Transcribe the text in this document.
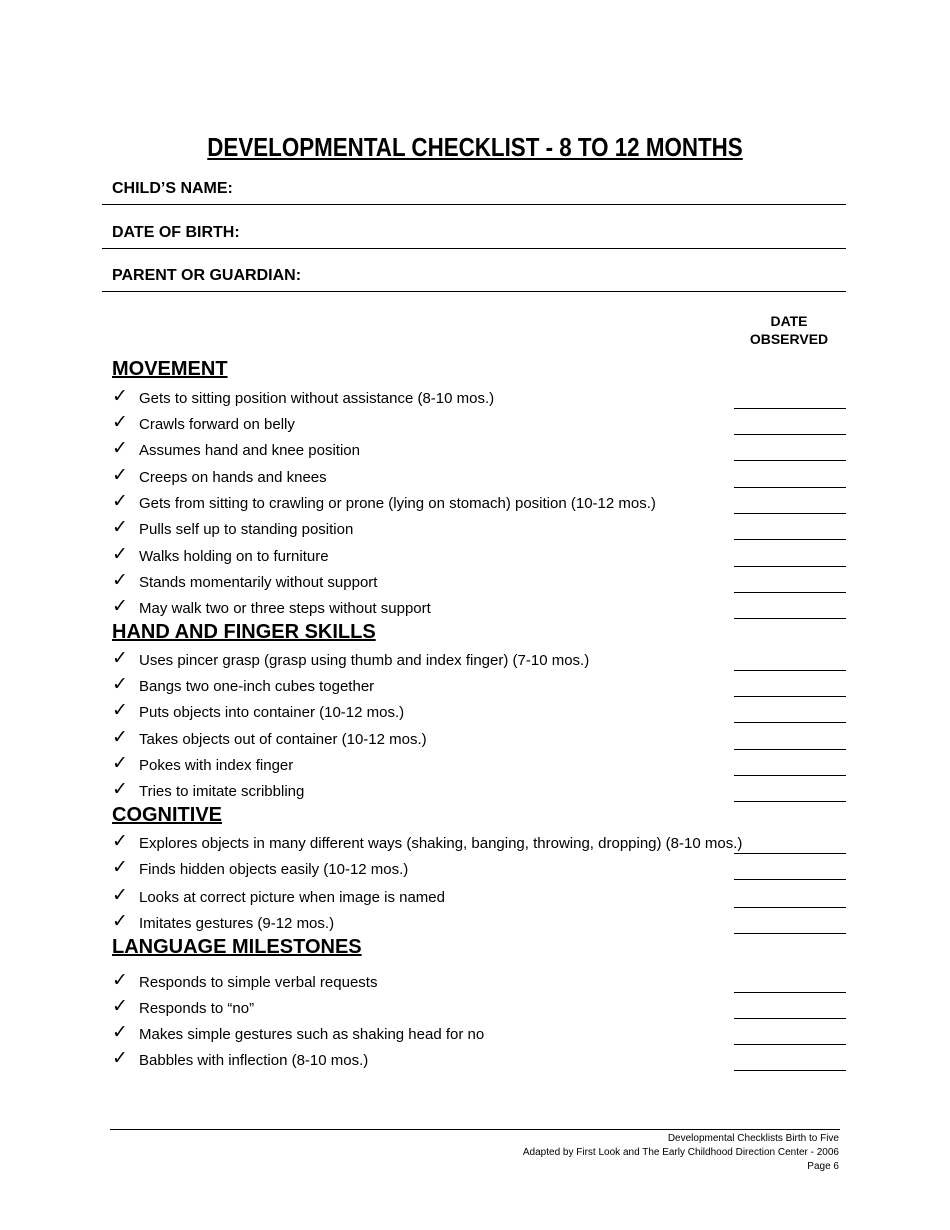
DEVELOPMENTAL CHECKLIST - 8 TO 12 MONTHS
CHILD’S NAME:
DATE OF BIRTH:
PARENT OR GUARDIAN:
DATE
OBSERVED
MOVEMENT
✓ Gets to sitting position without assistance (8-10 mos.)
✓ Crawls forward on belly
✓ Assumes hand and knee position
✓ Creeps on hands and knees
✓ Gets from sitting to crawling or prone (lying on stomach) position (10-12 mos.)
✓ Pulls self up to standing position
✓ Walks holding on to furniture
✓ Stands momentarily without support
✓ May walk two or three steps without support
HAND AND FINGER SKILLS
✓ Uses pincer grasp (grasp using thumb and index finger) (7-10 mos.)
✓ Bangs two one-inch cubes together
✓ Puts objects into container (10-12 mos.)
✓ Takes objects out of container (10-12 mos.)
✓ Pokes with index finger
✓ Tries to imitate scribbling
COGNITIVE
✓ Explores objects in many different ways (shaking, banging, throwing, dropping) (8-10 mos.)
✓ Finds hidden objects easily (10-12 mos.)
✓ Looks at correct picture when image is named
✓ Imitates gestures (9-12 mos.)
LANGUAGE MILESTONES
✓ Responds to simple verbal requests
✓ Responds to “no”
✓ Makes simple gestures such as shaking head for no
✓ Babbles with inflection (8-10 mos.)
Developmental Checklists Birth to Five
Adapted by First Look and The Early Childhood Direction Center - 2006
Page 6
